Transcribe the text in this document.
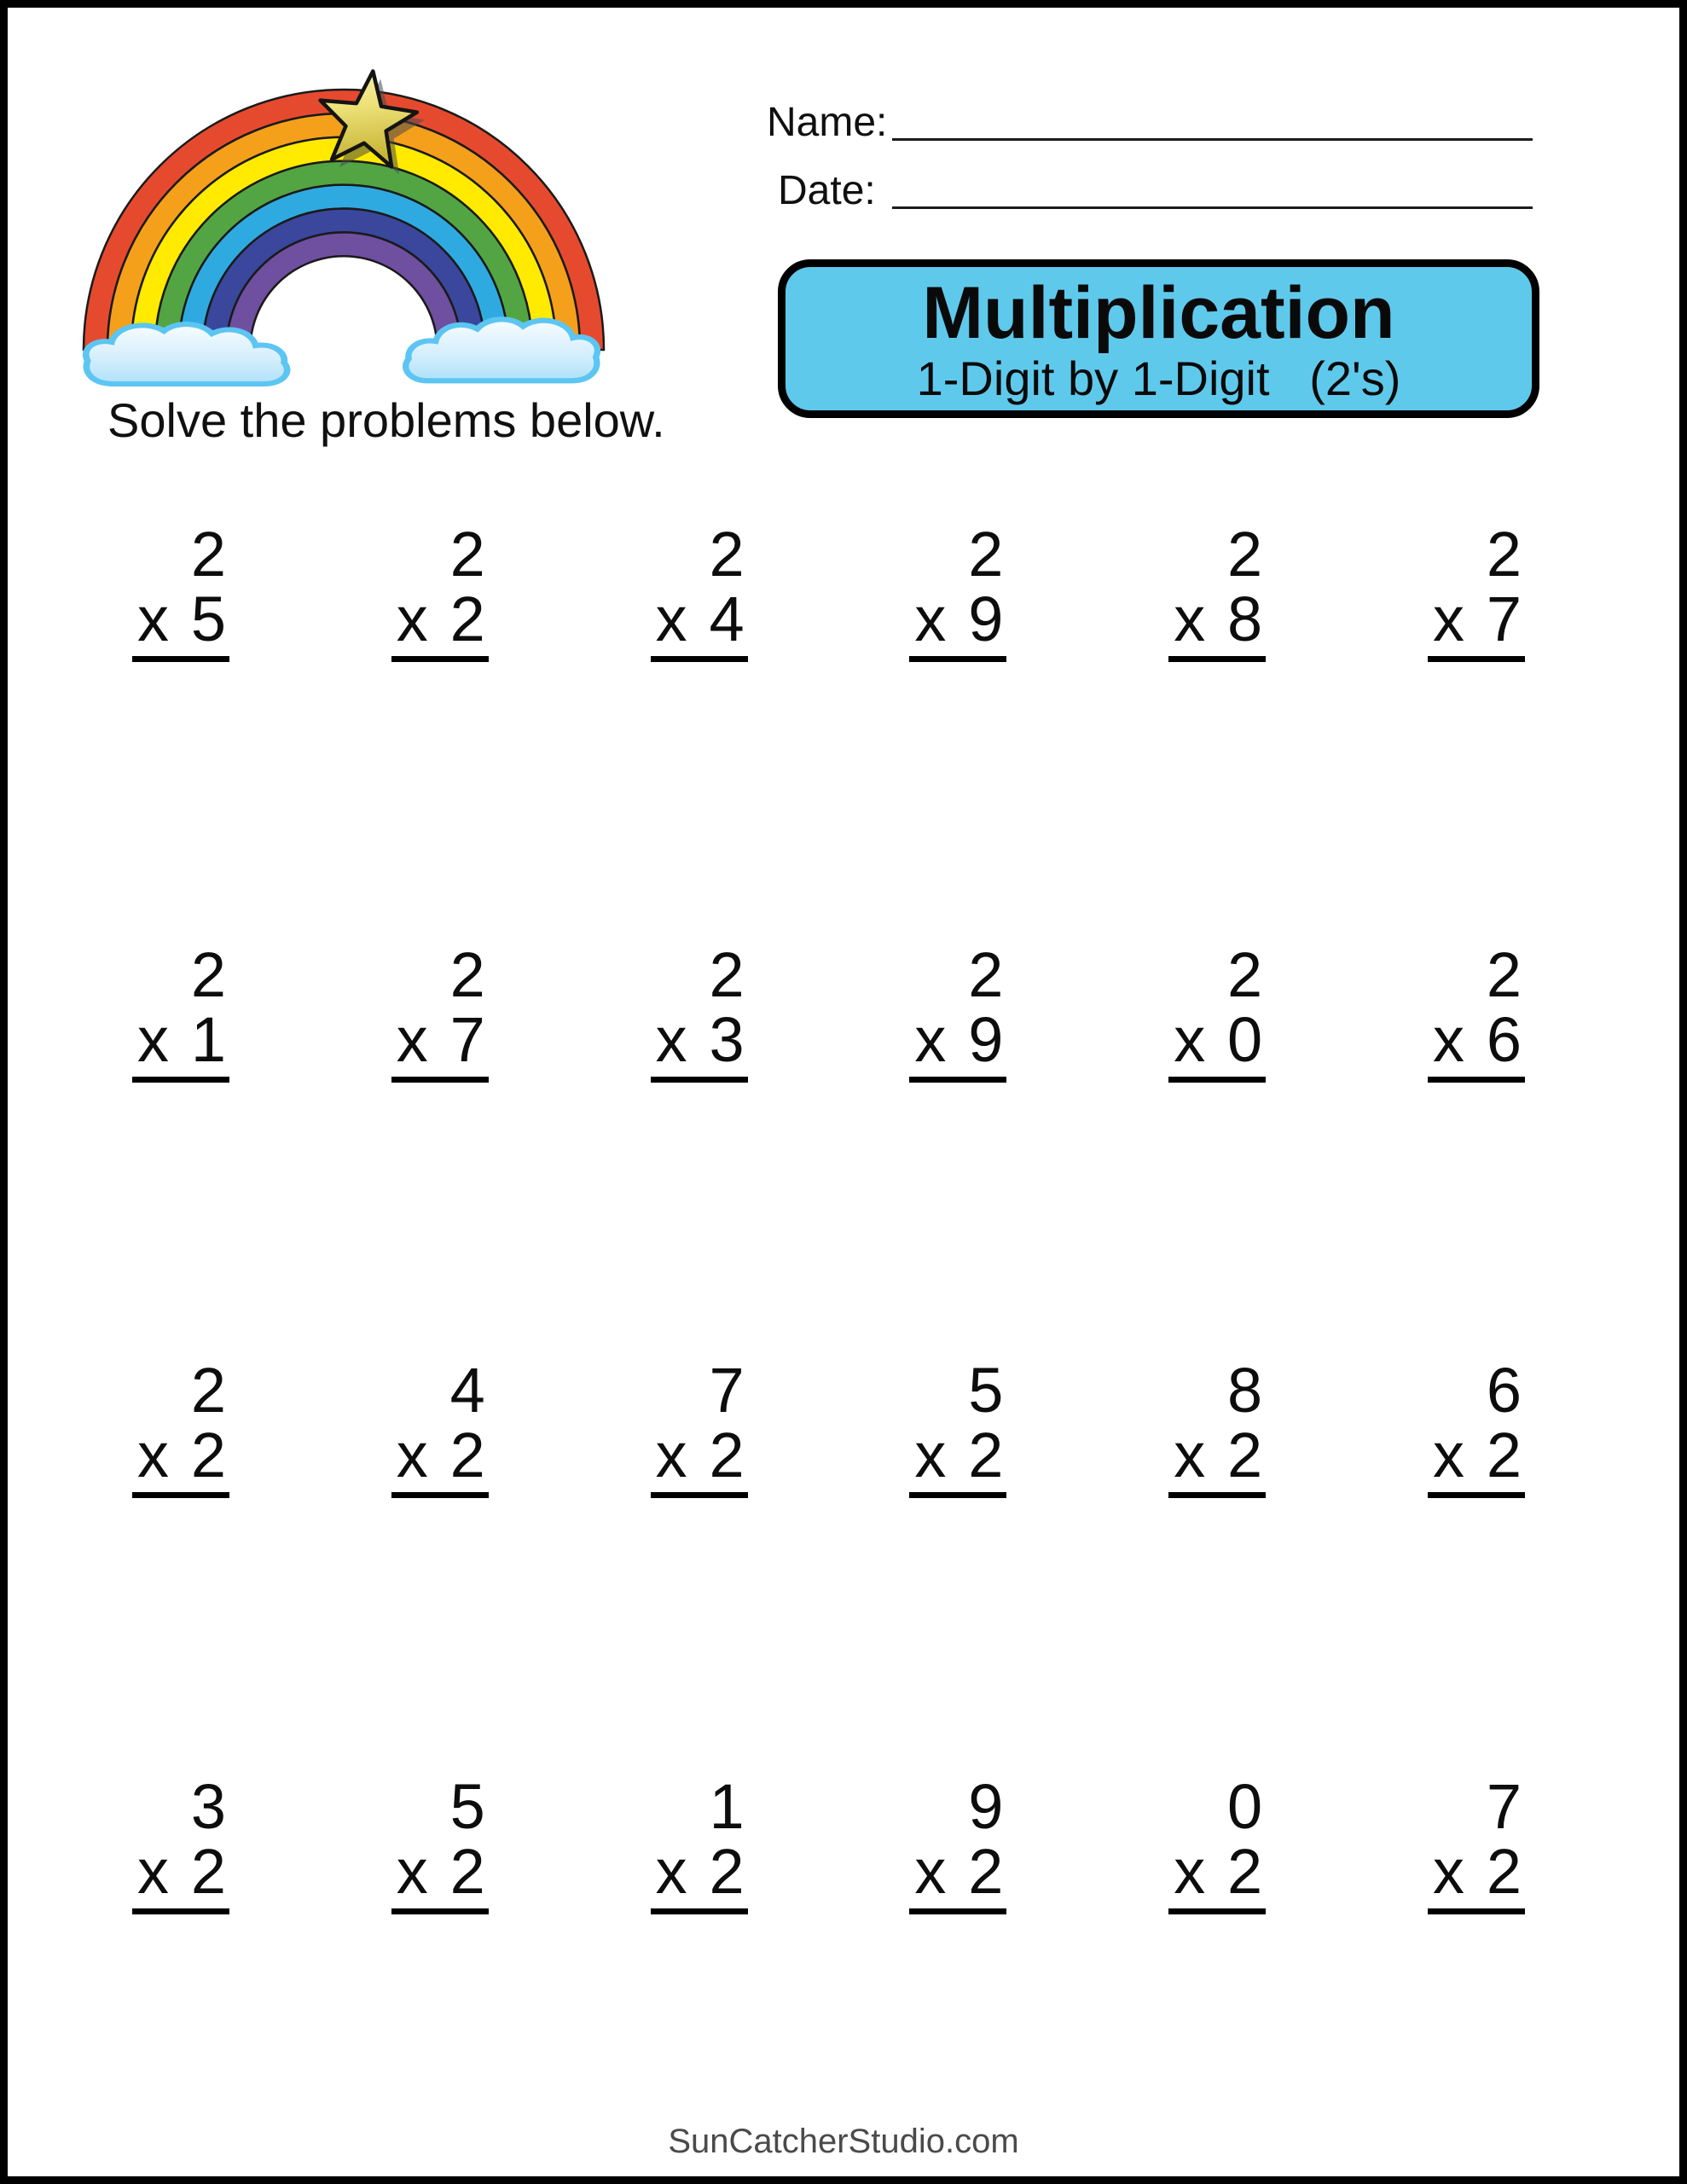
Name:
Date:
Multiplication
1-Digit by 1-Digit   (2's)
Solve the problems below.
2
x 5
2
x 2
2
x 4
2
x 9
2
x 8
2
x 7
2
x 1
2
x 7
2
x 3
2
x 9
2
x 0
2
x 6
2
x 2
4
x 2
7
x 2
5
x 2
8
x 2
6
x 2
3
x 2
5
x 2
1
x 2
9
x 2
0
x 2
7
x 2
SunCatcherStudio.com
